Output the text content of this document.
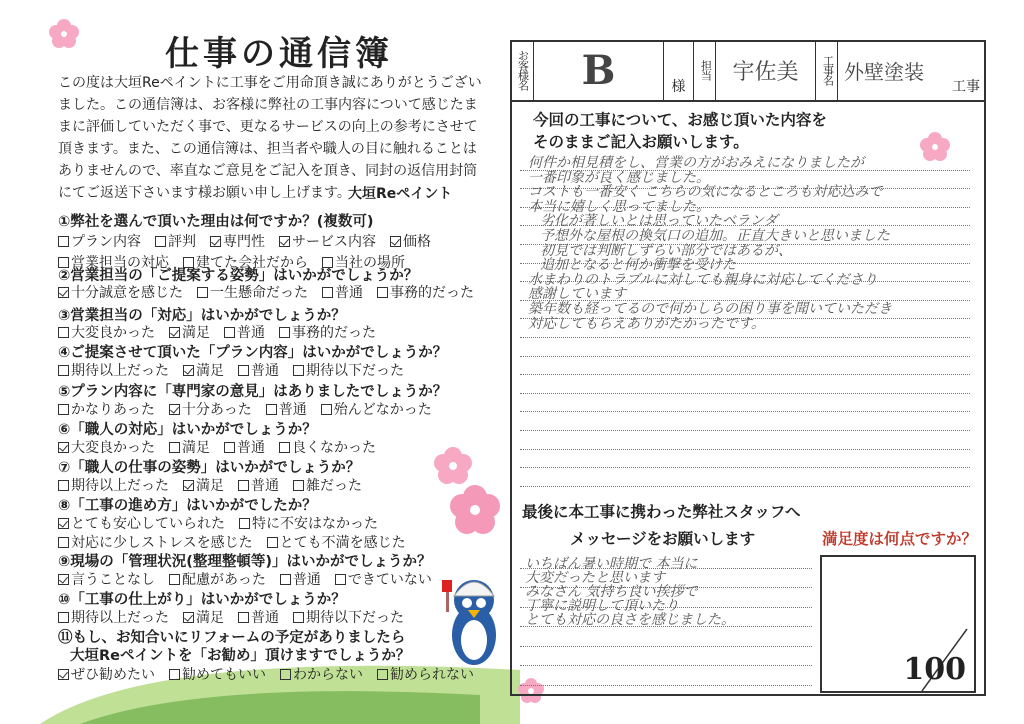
仕事の通信簿

この度は大垣Reペイントに工事をご用命頂き誠にありがとうございました。この通信簿は、お客様に弊社の工事内容について感じたままに評価していただく事で、更なるサービスの向上の参考にさせて頂きます。また、この通信簿は、担当者や職人の目に触れることはありませんので、率直なご意見をご記入を頂き、同封の返信用封筒にてご返送下さいます様お願い申し上げます。

大垣Reペイント
①弊社を選んで頂いた理由は何ですか？(複数可)
プラン内容 評判 専門性 サービス内容 価格
営業担当の対応 建てた会社だから 当社の場所
②営業担当の「ご提案する姿勢」はいかがでしょうか？
十分誠意を感じた 一生懸命だった 普通 事務的だった
③営業担当の「対応」はいかがでしょうか？
大変良かった 満足 普通 事務的だった
④ご提案させて頂いた「プラン内容」はいかがでしょうか？
期待以上だった 満足 普通 期待以下だった
⑤プラン内容に「専門家の意見」はありましたでしょうか？
かなりあった 十分あった 普通 殆んどなかった
⑥「職人の対応」はいかがでしょうか？
大変良かった 満足 普通 良くなかった
⑦「職人の仕事の姿勢」はいかがでしょうか？
期待以上だった 満足 普通 雑だった
⑧「工事の進め方」はいかがでしたか？
とても安心していられた 特に不安はなかった
対応に少しストレスを感じた とても不満を感じた
⑨現場の「管理状況(整理整頓等)」はいかがでしょうか？
言うことなし 配慮があった 普通 できていない
⑩「工事の仕上がり」はいかがでしょうか？
期待以上だった 満足 普通 期待以下だった
⑪もし、お知合いにリフォームの予定がありましたら
大垣Reペイントを「お勧め」頂けますでしょうか？
ぜひ勧めたい 勧めてもいい わからない 勧められない
お客様名 B	様
担当 宇佐美	工事名 外壁塗装
工事
今回の工事について、お感じ頂いた内容を
そのままご記入お願いします。
何件か相見積をし、営業の方がおみえになりましたが
一番印象が良く感じました。
コストも一番安く こちらの気になるところも対応込みで
本当に嬉しく思ってました。
劣化が著しいとは思っていたベランダ
予想外な屋根の換気口の追加。正直大きいと思いました
初見では判断しずらい部分ではあるが、
追加となると何か衝撃を受けた
水まわりのトラブルに対しても親身に対応してくださり
感謝しています
築年数も経ってるので何かしらの困り事を聞いていただき
対応してもらえありがたかったです。
最後に本工事に携わった弊社スタッフへ
メッセージをお願いします	満足度は何点ですか？
いちばん暑い時期で 本当に
大変だったと思います
みなさん 気持ち良い挨拶で
丁寧に説明して頂いたり
とても対応の良さを感じました。
100
